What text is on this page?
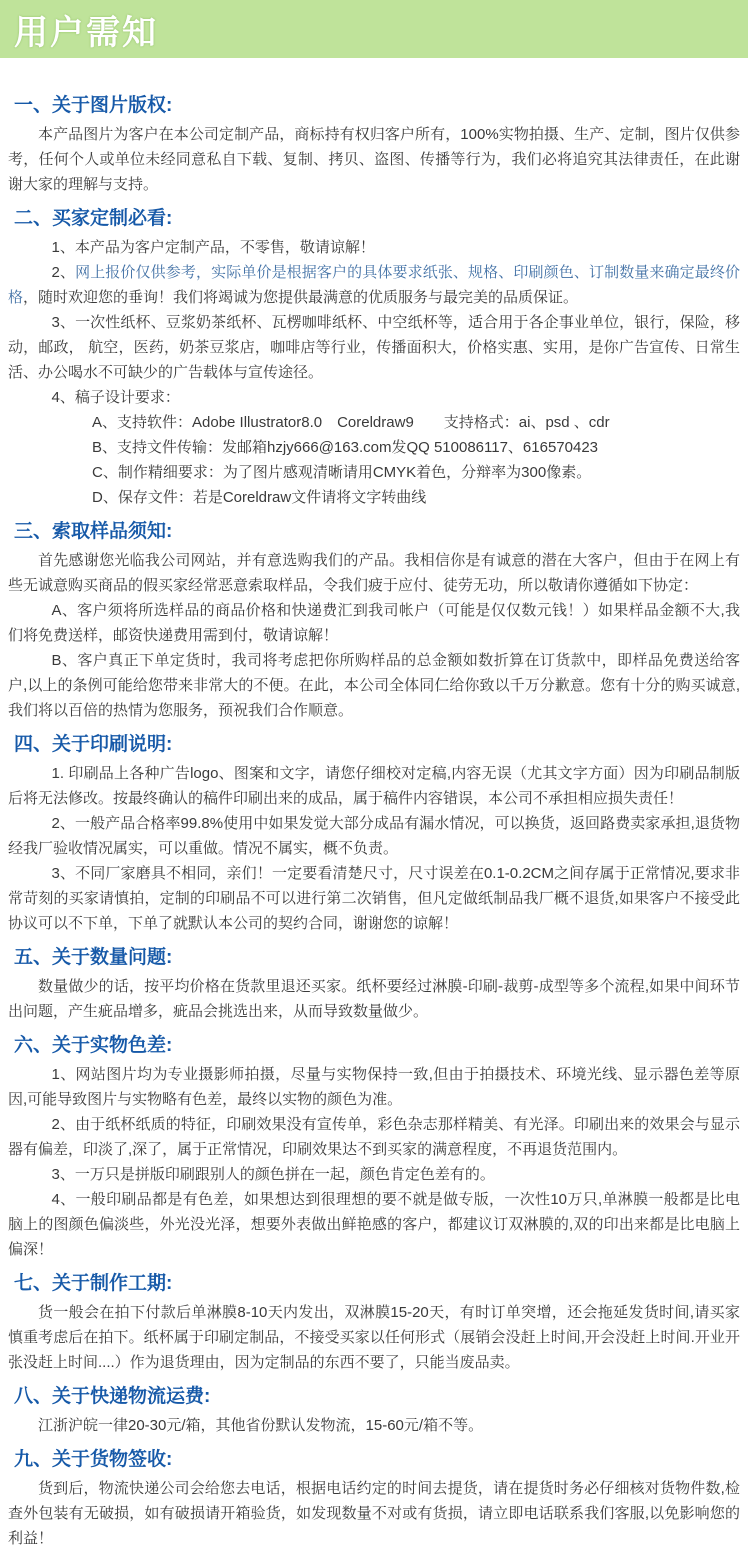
用户需知
一、关于图片版权:

本产品图片为客户在本公司定制产品，商标持有权归客户所有，100%实物拍摄、生产、定制，图片仅供参考，任何个人或单位未经同意私自下载、复制、拷贝、盗图、传播等行为，我们必将追究其法律责任，在此谢谢大家的理解与支持。

二、买家定制必看:

1、本产品为客户定制产品，不零售，敬请谅解！

2、网上报价仅供参考，实际单价是根据客户的具体要求纸张、规格、印刷颜色、订制数量来确定最终价格，随时欢迎您的垂询！我们将竭诚为您提供最满意的优质服务与最完美的品质保证。

3、一次性纸杯、豆浆奶茶纸杯、瓦楞咖啡纸杯、中空纸杯等，适合用于各企事业单位，银行，保险，移动，邮政， 航空，医药，奶茶豆浆店，咖啡店等行业，传播面积大，价格实惠、实用，是你广告宣传、日常生活、办公喝水不可缺少的广告载体与宣传途径。

4、稿子设计要求：

A、支持软件：Adobe Illustrator8.0　Coreldraw9　　支持格式：ai、psd 、cdr

B、支持文件传输：发邮箱hzjy666@163.com发QQ 510086117、616570423

C、制作精细要求：为了图片感观清晰请用CMYK着色，分辩率为300像素。

D、保存文件：若是Coreldraw文件请将文字转曲线

三、索取样品须知:

首先感谢您光临我公司网站，并有意选购我们的产品。我相信你是有诚意的潜在大客户，但由于在网上有些无诚意购买商品的假买家经常恶意索取样品，令我们疲于应付、徒劳无功，所以敬请你遵循如下协定：

A、客户须将所选样品的商品价格和快递费汇到我司帐户（可能是仅仅数元钱！）如果样品金额不大,我们将免费送样，邮资快递费用需到付，敬请谅解！

B、客户真正下单定货时，我司将考虑把你所购样品的总金额如数折算在订货款中，即样品免费送给客户,以上的条例可能给您带来非常大的不便。在此，本公司全体同仁给你致以千万分歉意。您有十分的购买诚意,我们将以百倍的热情为您服务，预祝我们合作顺意。

四、关于印刷说明:

1. 印刷品上各种广告logo、图案和文字，请您仔细校对定稿,内容无误（尤其文字方面）因为印刷品制版后将无法修改。按最终确认的稿件印刷出来的成品，属于稿件内容错误，本公司不承担相应损失责任！

2、一般产品合格率99.8%使用中如果发觉大部分成品有漏水情况，可以换货，返回路费卖家承担,退货物经我厂验收情况属实，可以重做。情况不属实，概不负责。

3、不同厂家磨具不相同，亲们！一定要看清楚尺寸，尺寸误差在0.1-0.2CM之间存属于正常情况,要求非常苛刻的买家请慎拍，定制的印刷品不可以进行第二次销售，但凡定做纸制品我厂概不退货,如果客户不接受此协议可以不下单，下单了就默认本公司的契约合同，谢谢您的谅解！

五、关于数量问题:

数量做少的话，按平均价格在货款里退还买家。纸杯要经过淋膜-印刷-裁剪-成型等多个流程,如果中间环节出问题，产生疵品增多，疵品会挑选出来，从而导致数量做少。

六、关于实物色差:

1、网站图片均为专业摄影师拍摄，尽量与实物保持一致,但由于拍摄技术、环境光线、显示器色差等原因,可能导致图片与实物略有色差，最终以实物的颜色为准。

2、由于纸杯纸质的特征，印刷效果没有宣传单，彩色杂志那样精美、有光泽。印刷出来的效果会与显示器有偏差，印淡了,深了，属于正常情况，印刷效果达不到买家的满意程度，不再退货范围内。

3、一万只是拼版印刷跟别人的颜色拼在一起，颜色肯定色差有的。

4、一般印刷品都是有色差，如果想达到很理想的要不就是做专版，一次性10万只,单淋膜一般都是比电脑上的图颜色偏淡些，外光没光泽，想要外表做出鲜艳感的客户，都建议订双淋膜的,双的印出来都是比电脑上偏深！

七、关于制作工期:

货一般会在拍下付款后单淋膜8-10天内发出，双淋膜15-20天，有时订单突增，还会拖延发货时间,请买家慎重考虑后在拍下。纸杯属于印刷定制品，不接受买家以任何形式（展销会没赶上时间,开会没赶上时间.开业开张没赶上时间....）作为退货理由，因为定制品的东西不要了，只能当废品卖。

八、关于快递物流运费:

江浙沪皖一律20-30元/箱，其他省份默认发物流，15-60元/箱不等。

九、关于货物签收:

货到后，物流快递公司会给您去电话，根据电话约定的时间去提货，请在提货时务必仔细核对货物件数,检查外包装有无破损，如有破损请开箱验货，如发现数量不对或有货损，请立即电话联系我们客服,以免影响您的利益！
